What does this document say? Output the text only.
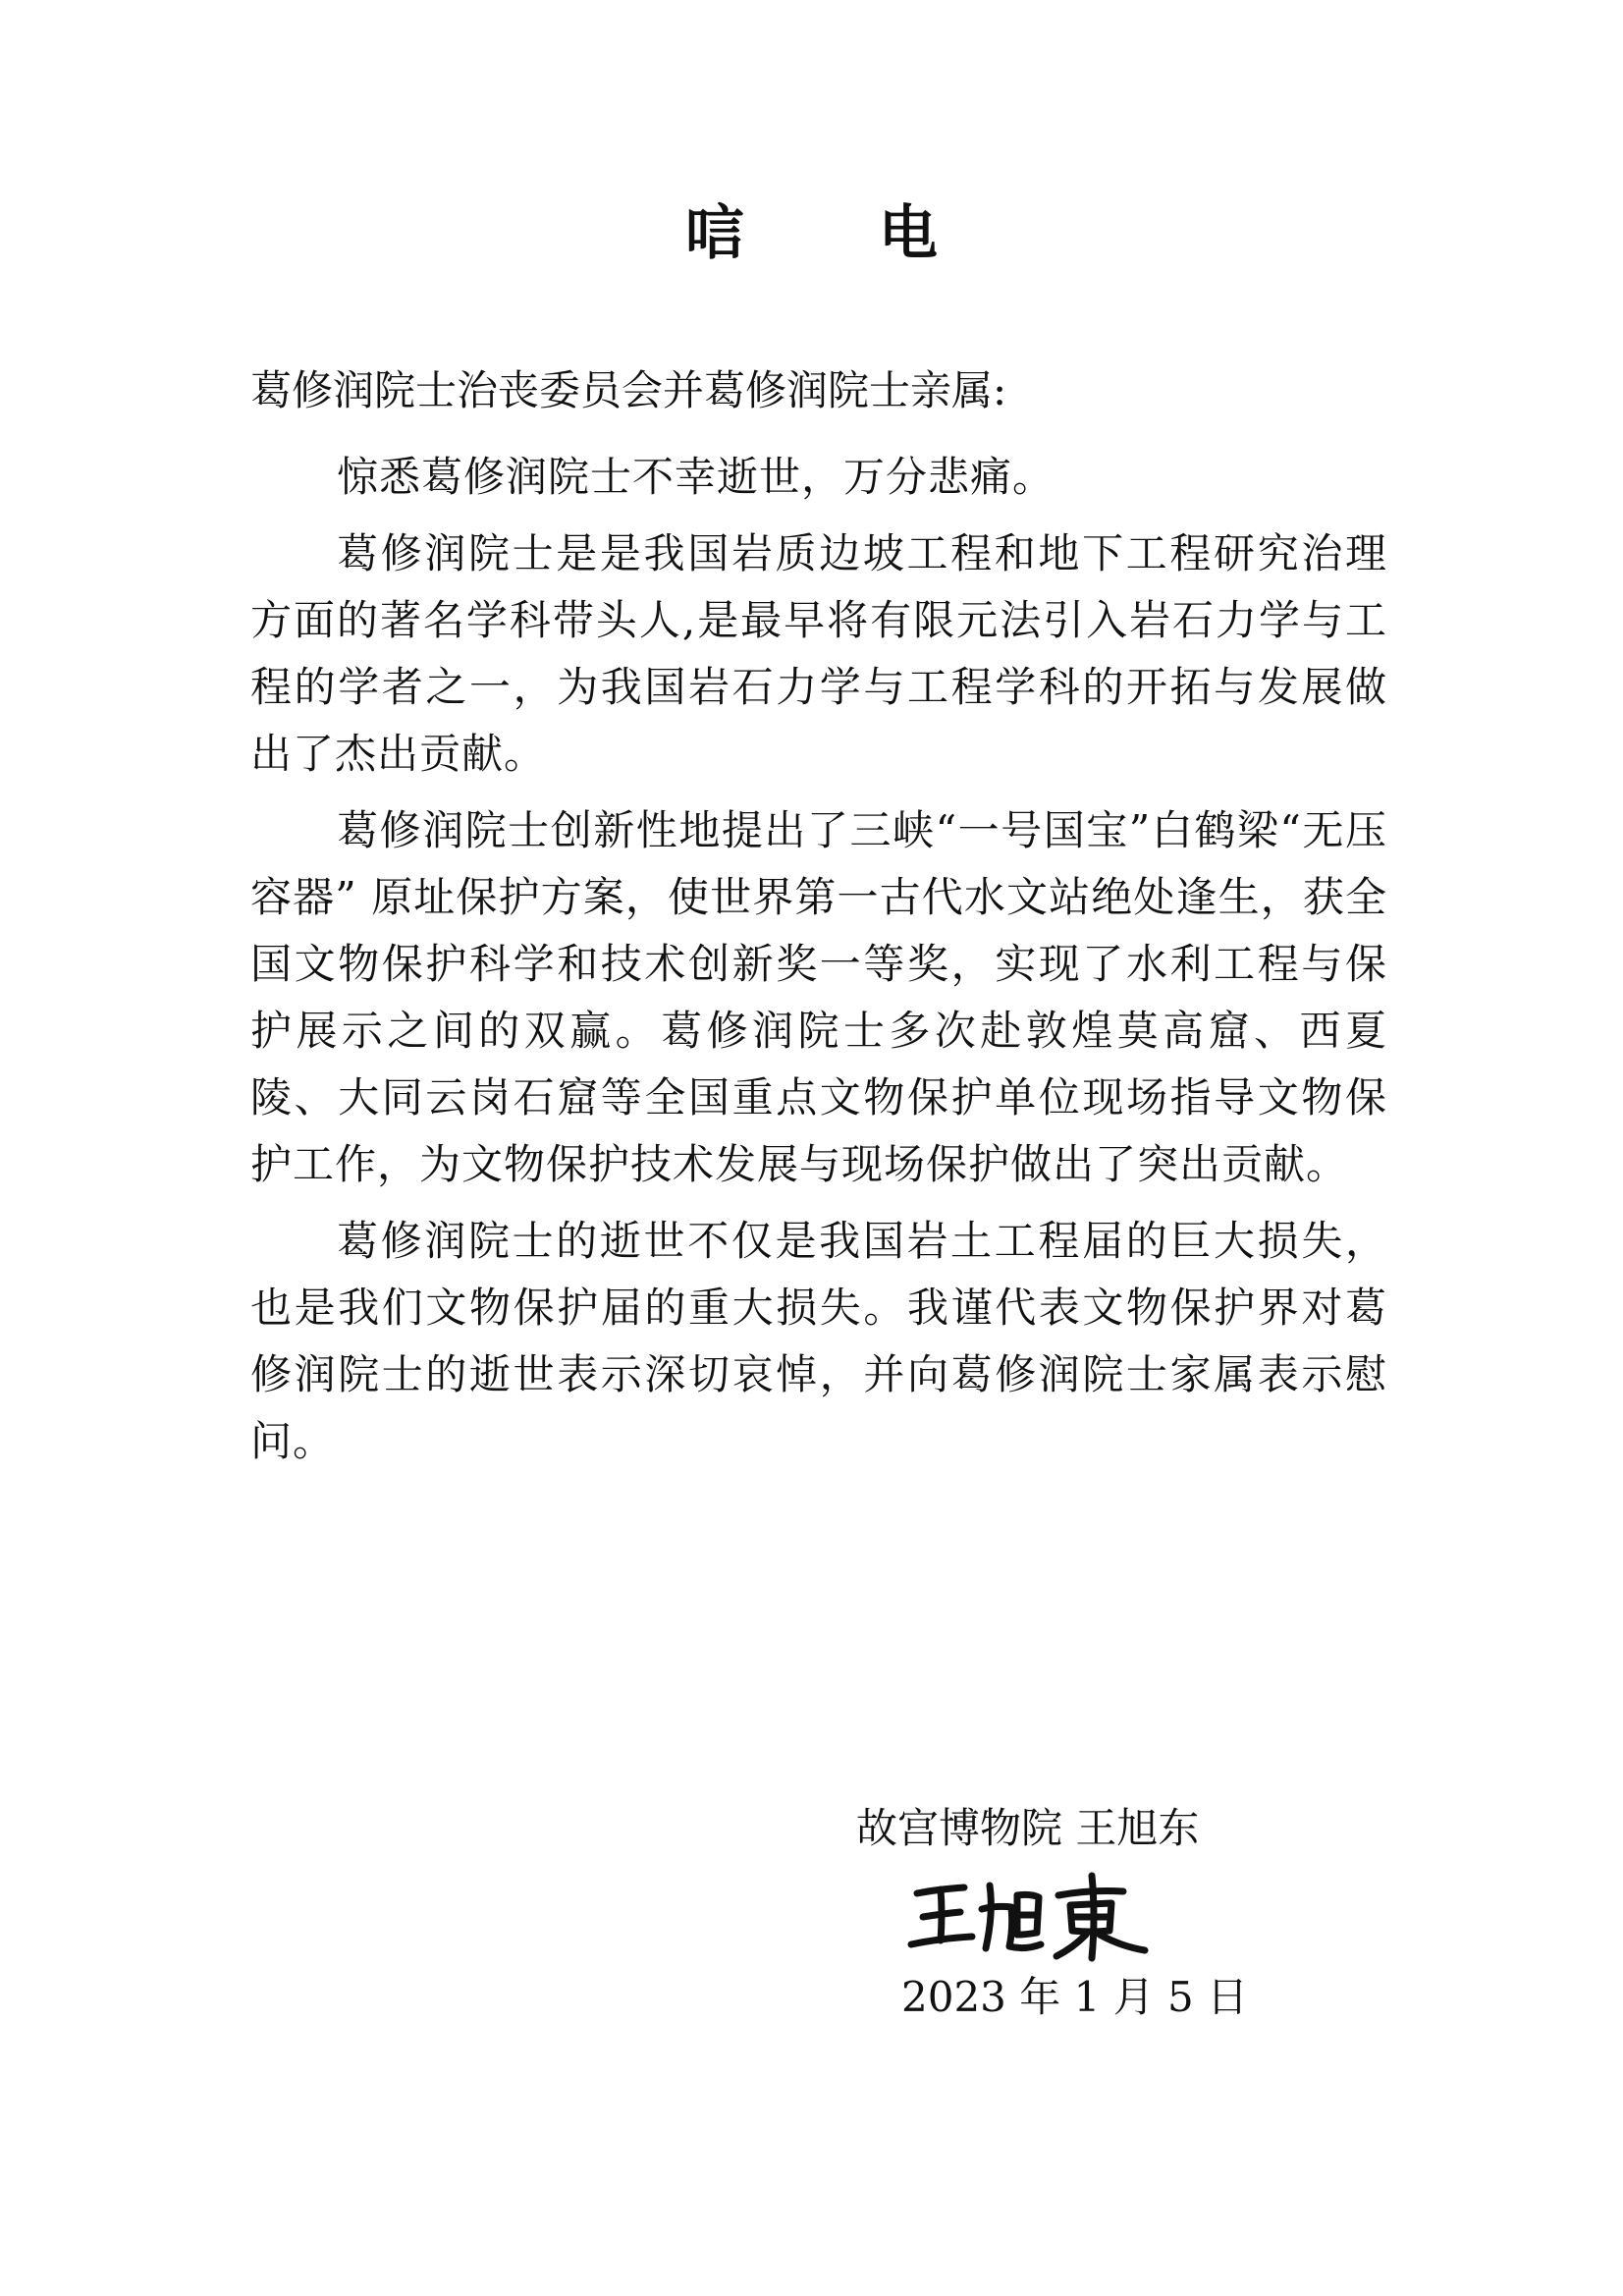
唁 电
葛修润院士治丧委员会并葛修润院士亲属:

惊悉葛修润院士不幸逝世，万分悲痛。

葛修润院士是是我国岩质边坡工程和地下工程研究治理方面的著名学科带头人,是最早将有限元法引入岩石力学与工程的学者之一，为我国岩石力学与工程学科的开拓与发展做出了杰出贡献。

葛修润院士创新性地提出了三峡“一号国宝”白鹤梁“无压容器” 原址保护方案，使世界第一古代水文站绝处逢生，获全国文物保护科学和技术创新奖一等奖，实现了水利工程与保护展示之间的双赢。葛修润院士多次赴敦煌莫高窟、西夏陵、大同云岗石窟等全国重点文物保护单位现场指导文物保护工作，为文物保护技术发展与现场保护做出了突出贡献。

葛修润院士的逝世不仅是我国岩土工程届的巨大损失，也是我们文物保护届的重大损失。我谨代表文物保护界对葛修润院士的逝世表示深切哀悼，并向葛修润院士家属表示慰问。

故宫博物院 王旭东
2023 年 1 月 5 日
